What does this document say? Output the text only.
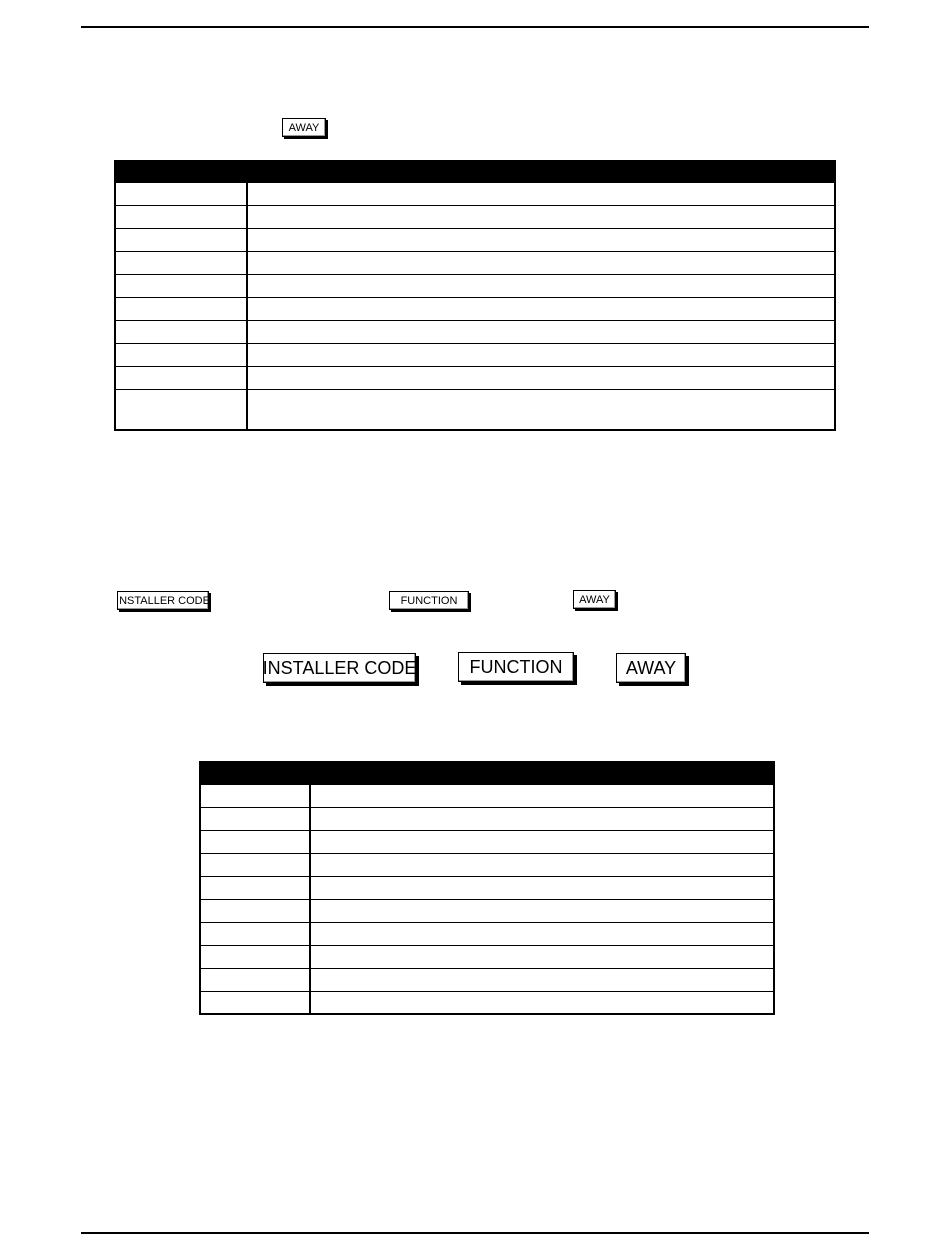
AWAY

INSTALLER CODE	FUNCTION	AWAY
INSTALLER CODE	FUNCTION	AWAY
